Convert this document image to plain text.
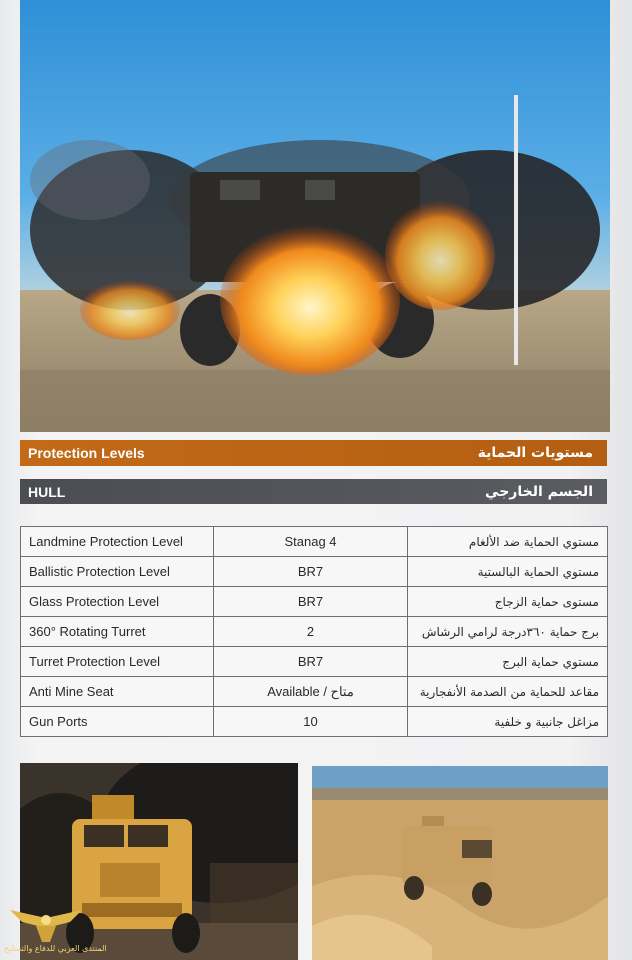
Protection Levels	مستويات الحماية
HULL	الجسم الخارجي
Landmine Protection Level	Stanag 4	مستوي الحماية ضد الألغام
Ballistic Protection Level	BR7	مستوي الحماية البالستية
Glass Protection Level	BR7	مستوى حماية الزجاج
360° Rotating Turret	2	برج حماية ٣٦٠درجة لرامي الرشاش
Turret Protection Level	BR7	مستوي حماية البرج
Anti Mine Seat	Available / متاح	مقاعد للحماية من الصدمة الأنفجارية
Gun Ports	10	مزاغل جانبية و خلفية
المنتدى العربي للدفاع والتسليح
